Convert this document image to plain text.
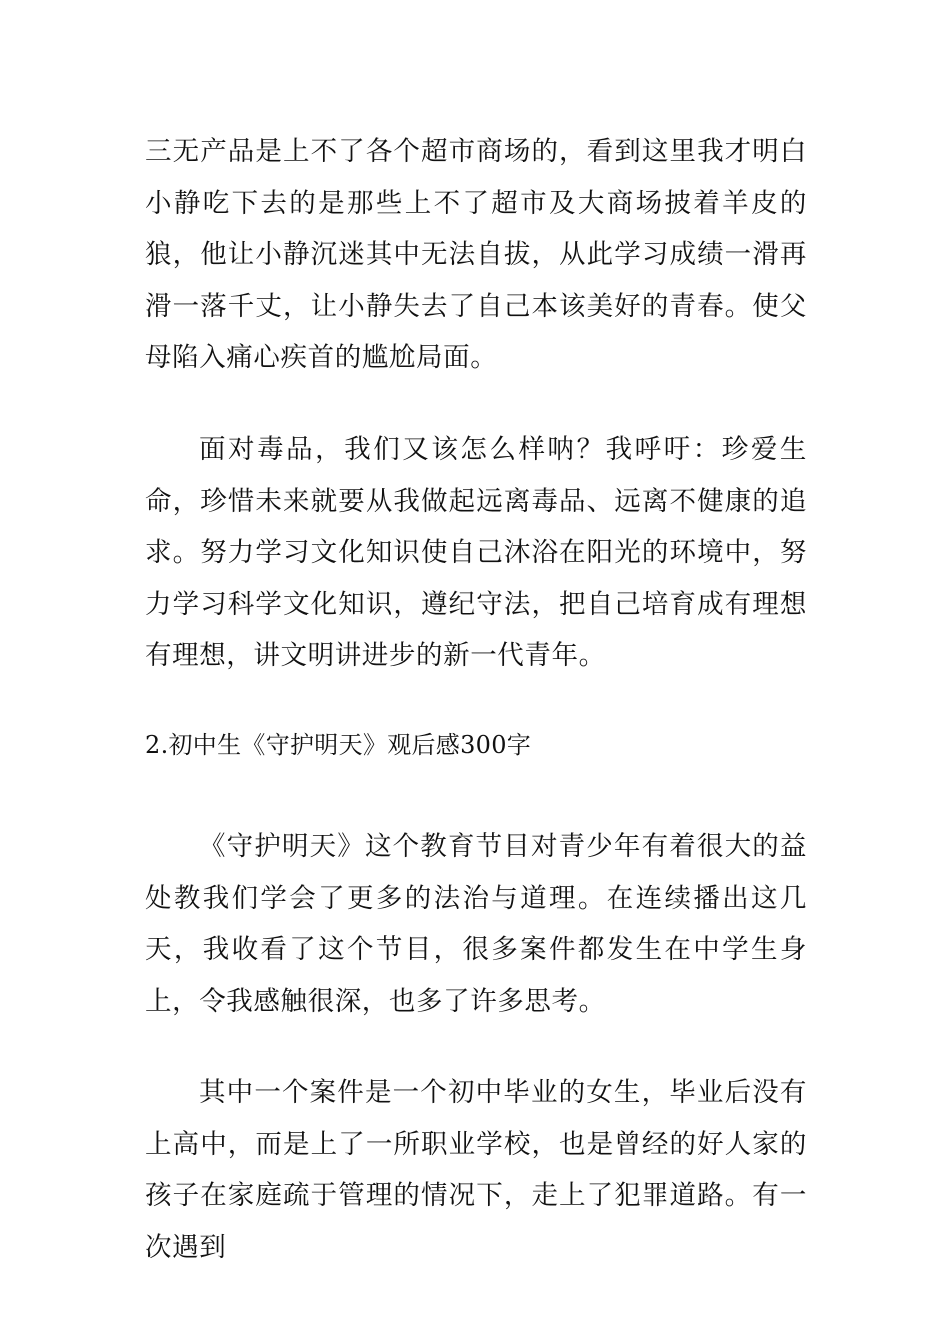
三无产品是上不了各个超市商场的，看到这里我才明白小静吃下去的是那些上不了超市及大商场披着羊皮的狼，他让小静沉迷其中无法自拔，从此学习成绩一滑再滑一落千丈，让小静失去了自己本该美好的青春。使父母陷入痛心疾首的尴尬局面。

面对毒品，我们又该怎么样呐？我呼吁：珍爱生命，珍惜未来就要从我做起远离毒品、远离不健康的追求。努力学习文化知识使自己沐浴在阳光的环境中，努力学习科学文化知识，遵纪守法，把自己培育成有理想有理想，讲文明讲进步的新一代青年。

2.初中生《守护明天》观后感300字

《守护明天》这个教育节目对青少年有着很大的益处教我们学会了更多的法治与道理。在连续播出这几天，我收看了这个节目，很多案件都发生在中学生身上，令我感触很深，也多了许多思考。

其中一个案件是一个初中毕业的女生，毕业后没有上高中，而是上了一所职业学校，也是曾经的好人家的孩子在家庭疏于管理的情况下，走上了犯罪道路。有一次遇到
